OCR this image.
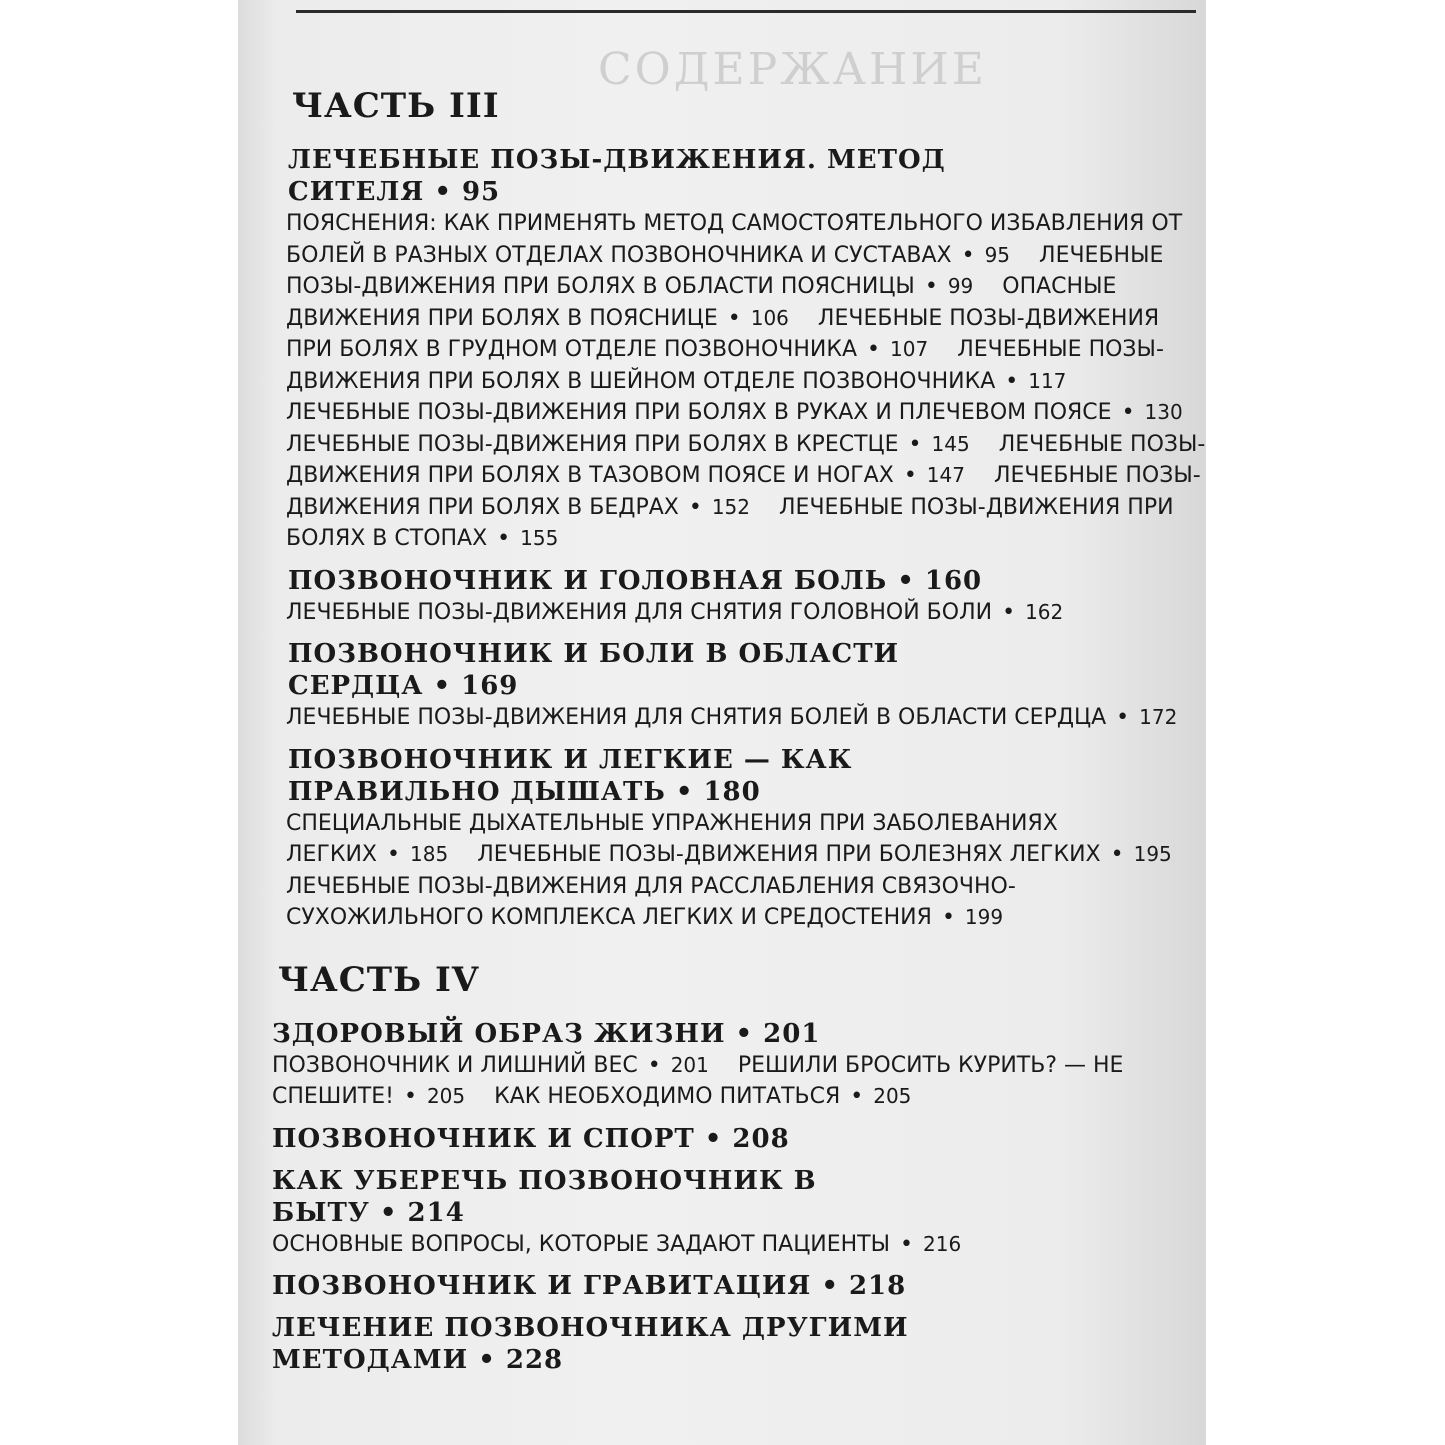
СОДЕРЖАНИЕ
ЧАСТЬ III
ЛЕЧЕБНЫЕ ПОЗЫ-ДВИЖЕНИЯ. МЕТОД СИТЕЛЯ • 95
ПОЯСНЕНИЯ: КАК ПРИМЕНЯТЬ МЕТОД САМОСТОЯТЕЛЬНОГО ИЗБАВЛЕНИЯ ОТ БОЛЕЙ В РАЗНЫХ ОТДЕЛАХ ПОЗВОНОЧНИКА И СУСТАВАХ • 95 ЛЕЧЕБНЫЕ ПОЗЫ-ДВИЖЕНИЯ ПРИ БОЛЯХ В ОБЛАСТИ ПОЯСНИЦЫ • 99 ОПАСНЫЕ ДВИЖЕНИЯ ПРИ БОЛЯХ В ПОЯСНИЦЕ • 106 ЛЕЧЕБНЫЕ ПОЗЫ-ДВИЖЕНИЯ ПРИ БОЛЯХ В ГРУДНОМ ОТДЕЛЕ ПОЗВОНОЧНИКА • 107 ЛЕЧЕБНЫЕ ПОЗЫ-ДВИЖЕНИЯ ПРИ БОЛЯХ В ШЕЙНОМ ОТДЕЛЕ ПОЗВОНОЧНИКА • 117 ЛЕЧЕБНЫЕ ПОЗЫ-ДВИЖЕНИЯ ПРИ БОЛЯХ В РУКАХ И ПЛЕЧЕВОМ ПОЯСЕ • 130 ЛЕЧЕБНЫЕ ПОЗЫ-ДВИЖЕНИЯ ПРИ БОЛЯХ В КРЕСТЦЕ • 145 ЛЕЧЕБНЫЕ ПОЗЫ-ДВИЖЕНИЯ ПРИ БОЛЯХ В ТАЗОВОМ ПОЯСЕ И НОГАХ • 147 ЛЕЧЕБНЫЕ ПОЗЫ-ДВИЖЕНИЯ ПРИ БОЛЯХ В БЕДРАХ • 152 ЛЕЧЕБНЫЕ ПОЗЫ-ДВИЖЕНИЯ ПРИ БОЛЯХ В СТОПАХ • 155
ПОЗВОНОЧНИК И ГОЛОВНАЯ БОЛЬ • 160
ЛЕЧЕБНЫЕ ПОЗЫ-ДВИЖЕНИЯ ДЛЯ СНЯТИЯ ГОЛОВНОЙ БОЛИ • 162
ПОЗВОНОЧНИК И БОЛИ В ОБЛАСТИ СЕРДЦА • 169
ЛЕЧЕБНЫЕ ПОЗЫ-ДВИЖЕНИЯ ДЛЯ СНЯТИЯ БОЛЕЙ В ОБЛАСТИ СЕРДЦА • 172
ПОЗВОНОЧНИК И ЛЕГКИЕ — КАК ПРАВИЛЬНО ДЫШАТЬ • 180
СПЕЦИАЛЬНЫЕ ДЫХАТЕЛЬНЫЕ УПРАЖНЕНИЯ ПРИ ЗАБОЛЕВАНИЯХ ЛЕГКИХ • 185 ЛЕЧЕБНЫЕ ПОЗЫ-ДВИЖЕНИЯ ПРИ БОЛЕЗНЯХ ЛЕГКИХ • 195 ЛЕЧЕБНЫЕ ПОЗЫ-ДВИЖЕНИЯ ДЛЯ РАССЛАБЛЕНИЯ СВЯЗОЧНО-СУХОЖИЛЬНОГО КОМПЛЕКСА ЛЕГКИХ И СРЕДОСТЕНИЯ • 199
ЧАСТЬ IV
ЗДОРОВЫЙ ОБРАЗ ЖИЗНИ • 201
ПОЗВОНОЧНИК И ЛИШНИЙ ВЕС • 201 РЕШИЛИ БРОСИТЬ КУРИТЬ? — НЕ СПЕШИТЕ! • 205 КАК НЕОБХОДИМО ПИТАТЬСЯ • 205
ПОЗВОНОЧНИК И СПОРТ • 208
КАК УБЕРЕЧЬ ПОЗВОНОЧНИК В БЫТУ • 214
ОСНОВНЫЕ ВОПРОСЫ, КОТОРЫЕ ЗАДАЮТ ПАЦИЕНТЫ • 216
ПОЗВОНОЧНИК И ГРАВИТАЦИЯ • 218
ЛЕЧЕНИЕ ПОЗВОНОЧНИКА ДРУГИМИ МЕТОДАМИ • 228
